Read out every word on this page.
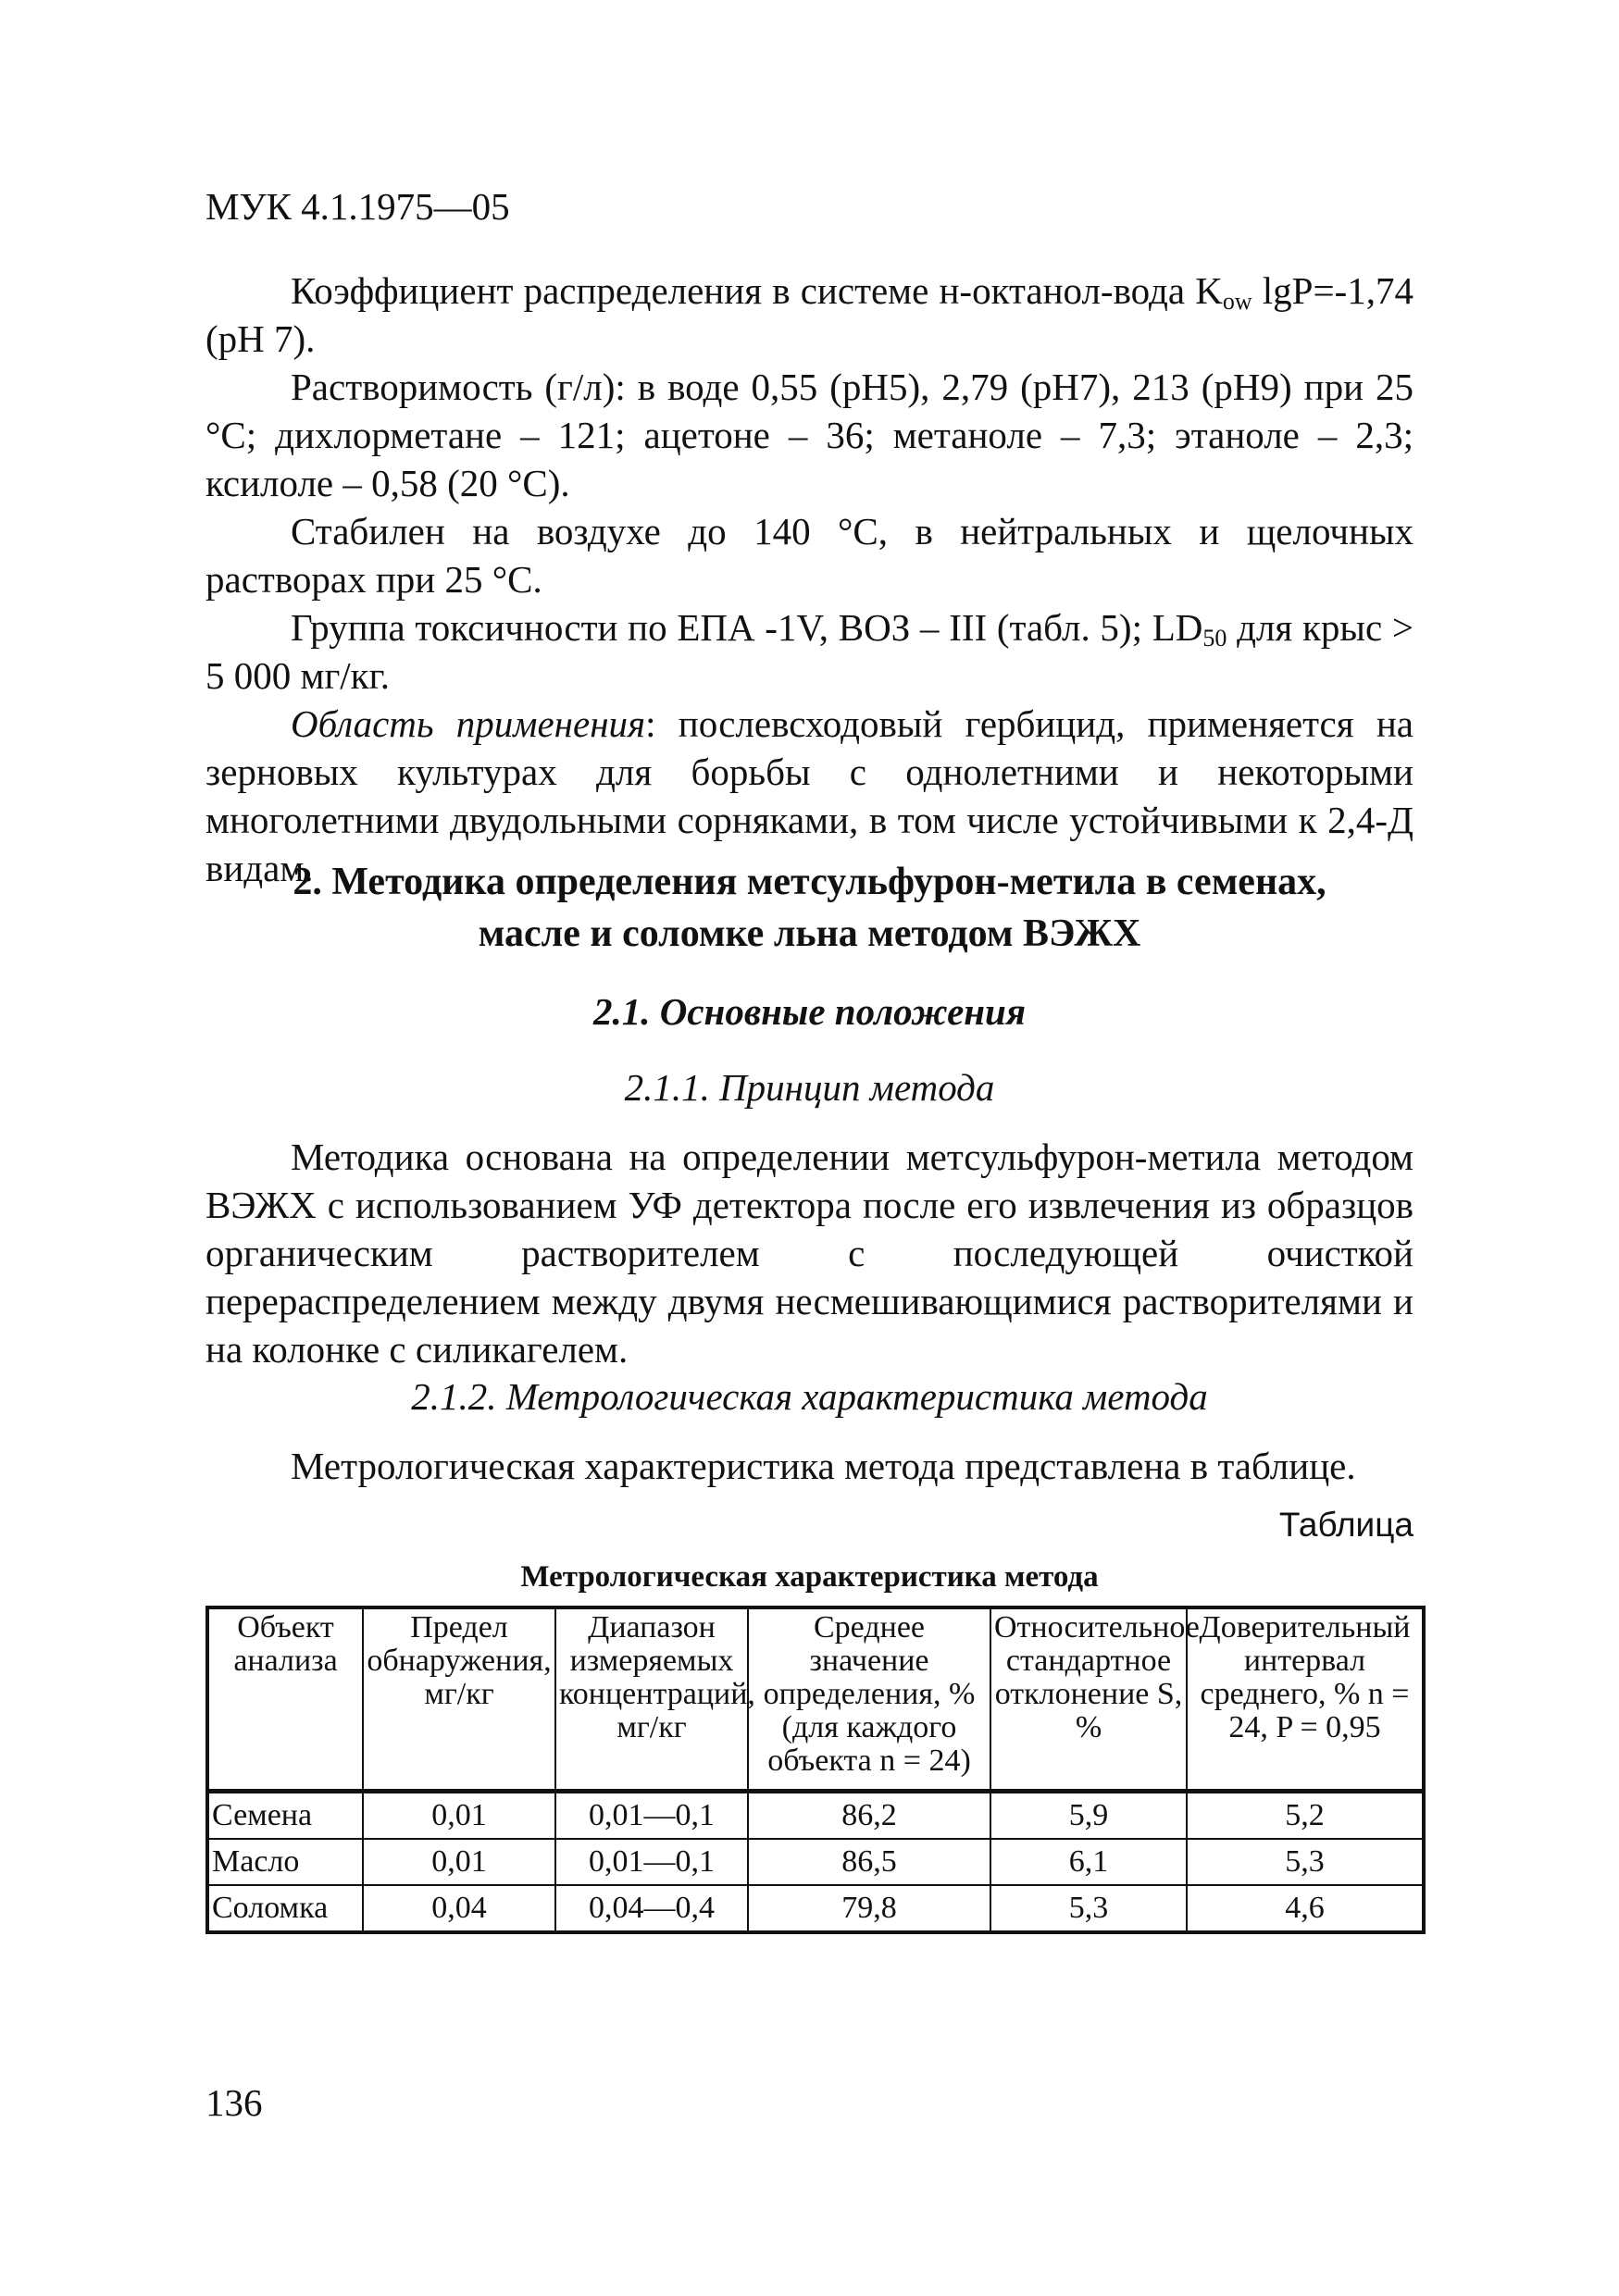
МУК 4.1.1975—05

Коэффициент распределения в системе н-октанол-вода $K_{ow}$ lgP=-1,74 (pH 7).

Растворимость (г/л): в воде 0,55 (pH5), 2,79 (pH7), 213 (pH9) при 25 °С; дихлорметане – 121; ацетоне – 36; метаноле – 7,3; этаноле – 2,3; ксилоле – 0,58 (20 °С).

Стабилен на воздухе до 140 °С, в нейтральных и щелочных растворах при 25 °С.

Группа токсичности по ЕПА -1V, ВОЗ – III (табл. 5); $LD_{50}$ для крыс > 5 000 мг/кг.

Область применения: послевсходовый гербицид, применяется на зерновых культурах для борьбы с однолетними и некоторыми многолетними двудольными сорняками, в том числе устойчивыми к 2,4-Д видам.

2. Методика определения метсульфурон-метила в семенах,
масле и соломке льна методом ВЭЖХ
2.1. Основные положения
2.1.1. Принцип метода

Методика основана на определении метсульфурон-метила методом ВЭЖХ с использованием УФ детектора после его извлечения из образцов органическим растворителем с последующей очисткой перераспределением между двумя несмешивающимися растворителями и на колонке с силикагелем.

2.1.2. Метрологическая характеристика метода

Метрологическая характеристика метода представлена в таблице.

Таблица
Метрологическая характеристика метода
Объект анализа	Предел обнаружения, мг/кг	Диапазон измеряемых концентраций, мг/кг	Среднее значение определения, % (для каждого объекта n = 24)	Относительное стандартное отклонение S, %	Доверительный интервал среднего, % n = 24, P = 0,95
Семена	0,01	0,01—0,1	86,2	5,9	5,2
Масло	0,01	0,01—0,1	86,5	6,1	5,3
Соломка	0,04	0,04—0,4	79,8	5,3	4,6
136
